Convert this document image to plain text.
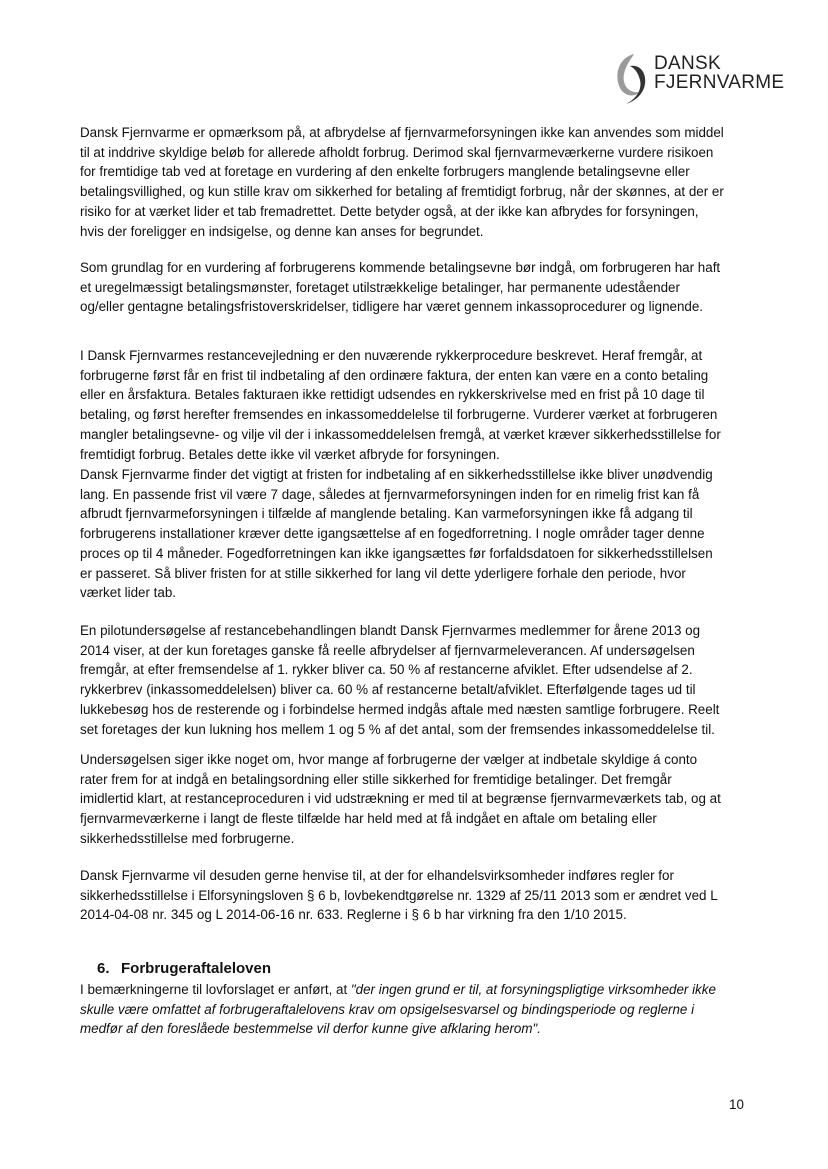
DANSK
FJERNVARME
Dansk Fjernvarme er opmærksom på, at afbrydelse af fjernvarmeforsyningen ikke kan anvendes som middel
til at inddrive skyldige beløb for allerede afholdt forbrug. Derimod skal fjernvarmeværkerne vurdere risikoen
for fremtidige tab ved at foretage en vurdering af den enkelte forbrugers manglende betalingsevne eller
betalingsvillighed, og kun stille krav om sikkerhed for betaling af fremtidigt forbrug, når der skønnes, at der er
risiko for at værket lider et tab fremadrettet. Dette betyder også, at der ikke kan afbrydes for forsyningen,
hvis der foreligger en indsigelse, og denne kan anses for begrundet.
Som grundlag for en vurdering af forbrugerens kommende betalingsevne bør indgå, om forbrugeren har haft
et uregelmæssigt betalingsmønster, foretaget utilstrækkelige betalinger, har permanente udeståender
og/eller gentagne betalingsfristoverskridelser, tidligere har været gennem inkassoprocedurer og lignende.
I Dansk Fjernvarmes restancevejledning er den nuværende rykkerprocedure beskrevet. Heraf fremgår, at
forbrugerne først får en frist til indbetaling af den ordinære faktura, der enten kan være en a conto betaling
eller en årsfaktura. Betales fakturaen ikke rettidigt udsendes en rykkerskrivelse med en frist på 10 dage til
betaling, og først herefter fremsendes en inkassomeddelelse til forbrugerne. Vurderer værket at forbrugeren
mangler betalingsevne- og vilje vil der i inkassomeddelelsen fremgå, at værket kræver sikkerhedsstillelse for
fremtidigt forbrug. Betales dette ikke vil værket afbryde for forsyningen.
Dansk Fjernvarme finder det vigtigt at fristen for indbetaling af en sikkerhedsstillelse ikke bliver unødvendig
lang. En passende frist vil være 7 dage, således at fjernvarmeforsyningen inden for en rimelig frist kan få
afbrudt fjernvarmeforsyningen i tilfælde af manglende betaling. Kan varmeforsyningen ikke få adgang til
forbrugerens installationer kræver dette igangsættelse af en fogedforretning. I nogle områder tager denne
proces op til 4 måneder. Fogedforretningen kan ikke igangsættes før forfaldsdatoen for sikkerhedsstillelsen
er passeret. Så bliver fristen for at stille sikkerhed for lang vil dette yderligere forhale den periode, hvor
værket lider tab.
En pilotundersøgelse af restancebehandlingen blandt Dansk Fjernvarmes medlemmer for årene 2013 og
2014 viser, at der kun foretages ganske få reelle afbrydelser af fjernvarmeleverancen. Af undersøgelsen
fremgår, at efter fremsendelse af 1. rykker bliver ca. 50 % af restancerne afviklet. Efter udsendelse af 2.
rykkerbrev (inkassomeddelelsen) bliver ca. 60 % af restancerne betalt/afviklet. Efterfølgende tages ud til
lukkebesøg hos de resterende og i forbindelse hermed indgås aftale med næsten samtlige forbrugere. Reelt
set foretages der kun lukning hos mellem 1 og 5 % af det antal, som der fremsendes inkassomeddelelse til.
Undersøgelsen siger ikke noget om, hvor mange af forbrugerne der vælger at indbetale skyldige á conto
rater frem for at indgå en betalingsordning eller stille sikkerhed for fremtidige betalinger. Det fremgår
imidlertid klart, at restanceproceduren i vid udstrækning er med til at begrænse fjernvarmeværkets tab, og at
fjernvarmeværkerne i langt de fleste tilfælde har held med at få indgået en aftale om betaling eller
sikkerhedsstillelse med forbrugerne.
Dansk Fjernvarme vil desuden gerne henvise til, at der for elhandelsvirksomheder indføres regler for
sikkerhedsstillelse i Elforsyningsloven § 6 b, lovbekendtgørelse nr. 1329 af 25/11 2013 som er ændret ved L
2014-04-08 nr. 345 og L 2014-06-16 nr. 633. Reglerne i § 6 b har virkning fra den 1/10 2015.
6. Forbrugeraftaleloven
I bemærkningerne til lovforslaget er anført, at "der ingen grund er til, at forsyningspligtige virksomheder ikke
skulle være omfattet af forbrugeraftalelovens krav om opsigelsesvarsel og bindingsperiode og reglerne i
medfør af den foreslåede bestemmelse vil derfor kunne give afklaring herom".
10
